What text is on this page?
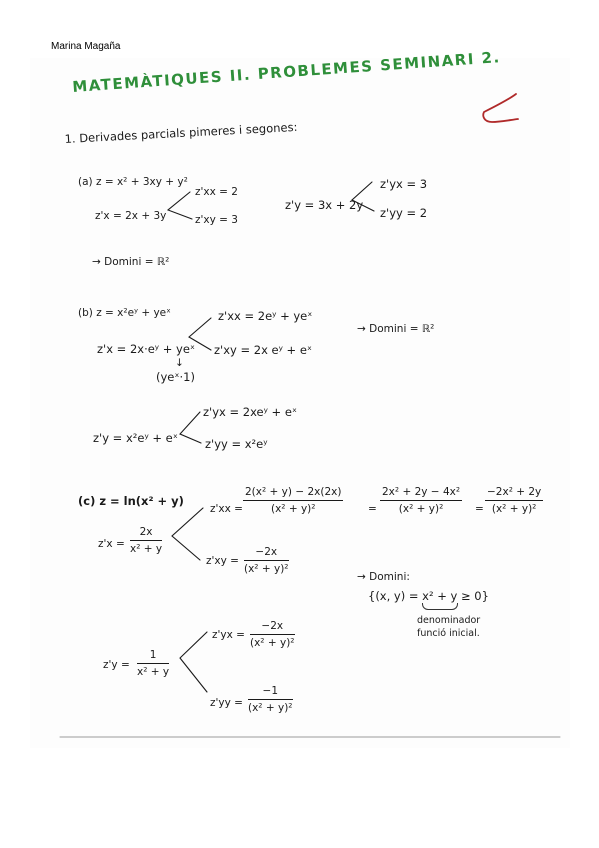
Marina Magaña
MATEMÀTIQUES II. PROBLEMES SEMINARI 2.
1. Derivades parcials pimeres i segones:
(a) z = x² + 3xy + y²
z'x = 2x + 3y
z'xx = 2
z'xy = 3
z'y = 3x + 2y
z'yx = 3
z'yy = 2
→ Domini = ℝ²
(b) z = x²eʸ + yeˣ	z'xx = 2eʸ + yeˣ
z'x = 2x·eʸ + yeˣ z'xy = 2x eʸ + eˣ
→ Domini = ℝ²
↓
(yeˣ·1)
z'yx = 2xeʸ + eˣ
z'y = x²eʸ + eˣ z'yy = x²eʸ
(c) z = ln(x² + y)
z'xx =
2(x² + y) − 2x(2x)
(x² + y)²	=
2x² + 2y − 4x²
(x² + y)²	=
−2x² + 2y
(x² + y)²
z'x =
2x
x² + y
z'xy =
−2x
(x² + y)²
→ Domini:
{(x, y) = x² + y ≥ 0}
denominador
funció inicial.
z'yx =
−2x
(x² + y)²
z'y =
1
x² + y
z'yy =
−1
(x² + y)²
